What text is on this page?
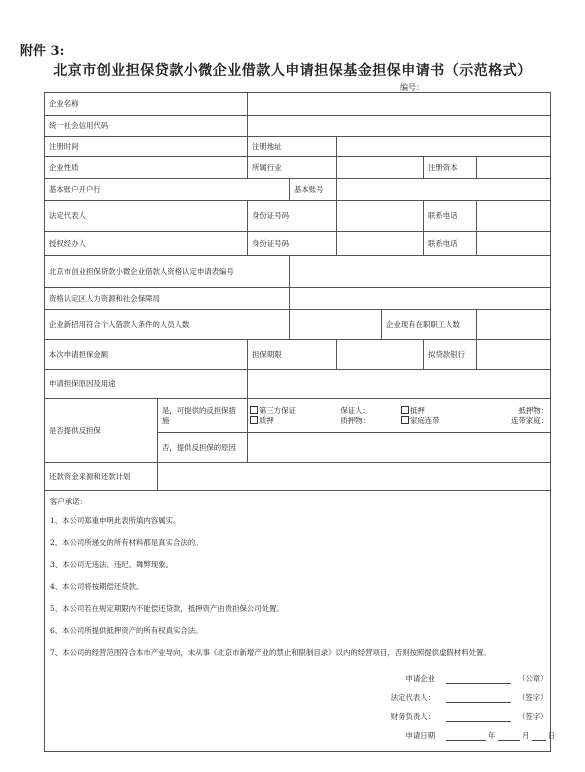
附件 3:
北京市创业担保贷款小微企业借款人申请担保基金担保申请书（示范格式）
编号：
企业名称	
统一社会信用代码	
注册时间	注册地址	
企业性质	所属行业		注册资本	
基本账户开户行	基本账号	
法定代表人	身份证号码		联系电话	
授权经办人	身份证号码		联系电话	
北京市创业担保贷款小微企业借款人资格认定申请表编号	
资格认定区人力资源和社会保障局	
企业新招用符合个人借款人条件的人员人数		企业现有在职职工人数	
本次申请担保金额	担保期限		拟贷款银行	
申请担保原因及用途	
是否提供反担保	是，可提供的反担保措施	
第三方保证	保证人：	抵押	抵押物：
质押	质押物：	家庭连带	连带家庭：

否，提供反担保的原因	
还款资金来源和还款计划	

客户承诺：
1、本公司郑重申明此表所填内容属实。
2、本公司所递交的所有材料都是真实合法的。
3、本公司无违法、违纪、舞弊现象。
4、本公司将按期偿还贷款。
5、本公司若在规定期限内不能偿还贷款，抵押资产由贵担保公司处置。
6、本公司所提供抵押资产的所有权真实合法。
7、本公司的经营范围符合本市产业导向，未从事《北京市新增产业的禁止和限制目录》以内的经营项目，否则按照提供虚假材料处置。
申请企业	（公章）
法定代表人：	（签字）
财务负责人：	（签字）
申请日期	年	月	日
